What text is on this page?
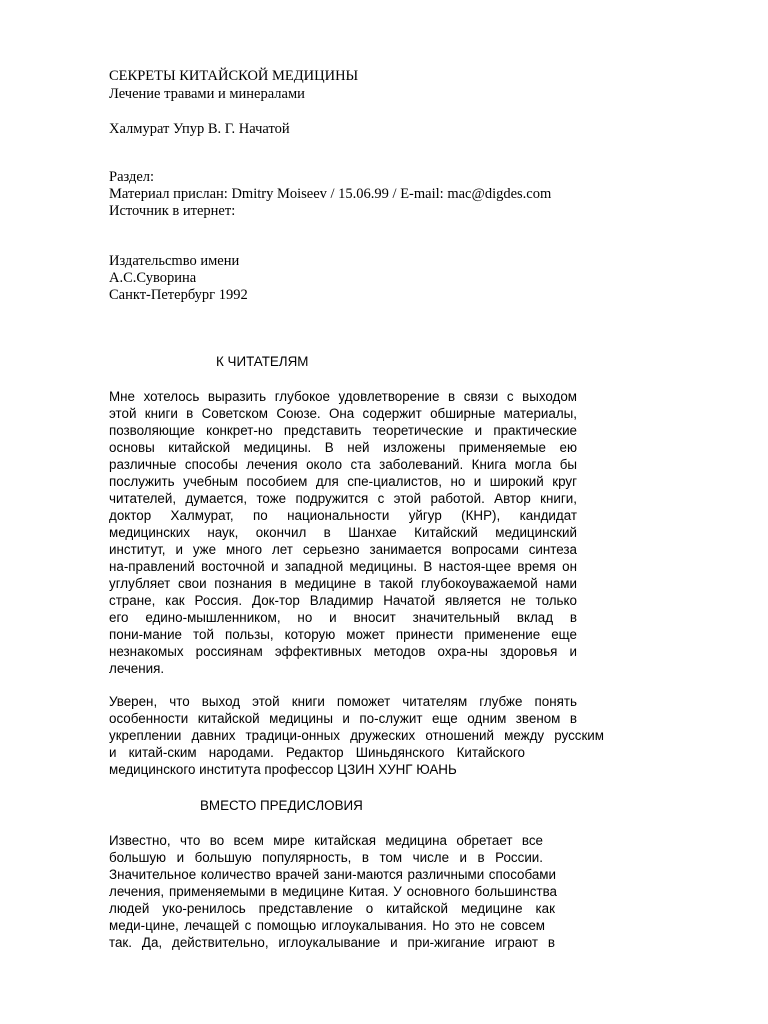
СЕКРЕТЫ КИТАЙСКОЙ МЕДИЦИНЫ
Лечение травами и минералами
Халмурат Упур В. Г. Начатой
Раздел:
Материал прислан: Dmitry Moiseev / 15.06.99 / E-mail: mac@digdes.com
Источник в итернет:
Издательсmво имени
А.С.Суворина
Санкт-Петербург 1992
К ЧИТАТЕЛЯМ
Мне хотелось выразить глубокое удовлетворение в связи с выходом
этой книги в Советском Союзе. Она содержит обширные материалы,
позволяющие конкрет-но представить теоретические и практические
основы китайской медицины. В ней изложены применяемые ею
различные способы лечения около ста заболеваний. Книга могла бы
послужить учебным пособием для спе-циалистов, но и широкий круг
читателей, думается, тоже подружится с этой работой. Автор книги,
доктор Халмурат, по национальности уйгур (КНР), кандидат
медицинских наук, окончил в Шанхае Китайский медицинский
институт, и уже много лет серьезно занимается вопросами синтеза
на-правлений восточной и западной медицины. В настоя-щее время он
углубляет свои познания в медицине в такой глубокоуважаемой нами
стране, как Россия. Док-тор Владимир Начатой является не только
его едино-мышленником, но и вносит значительный вклад в
пони-мание той пользы, которую может принести применение еще
незнакомых россиянам эффективных методов охра-ны здоровья и
лечения.
Уверен, что выход этой книги поможет читателям глубже понять
особенности китайской медицины и по-служит еще одним звеном в
укреплении давних традици-онных дружеских отношений между русским
и китай-ским народами. Редактор Шиньдянского Китайского
медицинского института профессор ЦЗИН ХУНГ ЮАНЬ
ВМЕСТО ПРЕДИСЛОВИЯ
Известно, что во всем мире китайская медицина обретает все
большую и большую популярность, в том числе и в России.
Значительное количество врачей зани-маются различными способами
лечения, применяемыми в медицине Китая. У основного большинства
людей уко-ренилось представление о китайской медицине как
меди-цине, лечащей с помощью иглоукалывания. Но это не совсем
так. Да, действительно, иглоукалывание и при-жигание играют в
